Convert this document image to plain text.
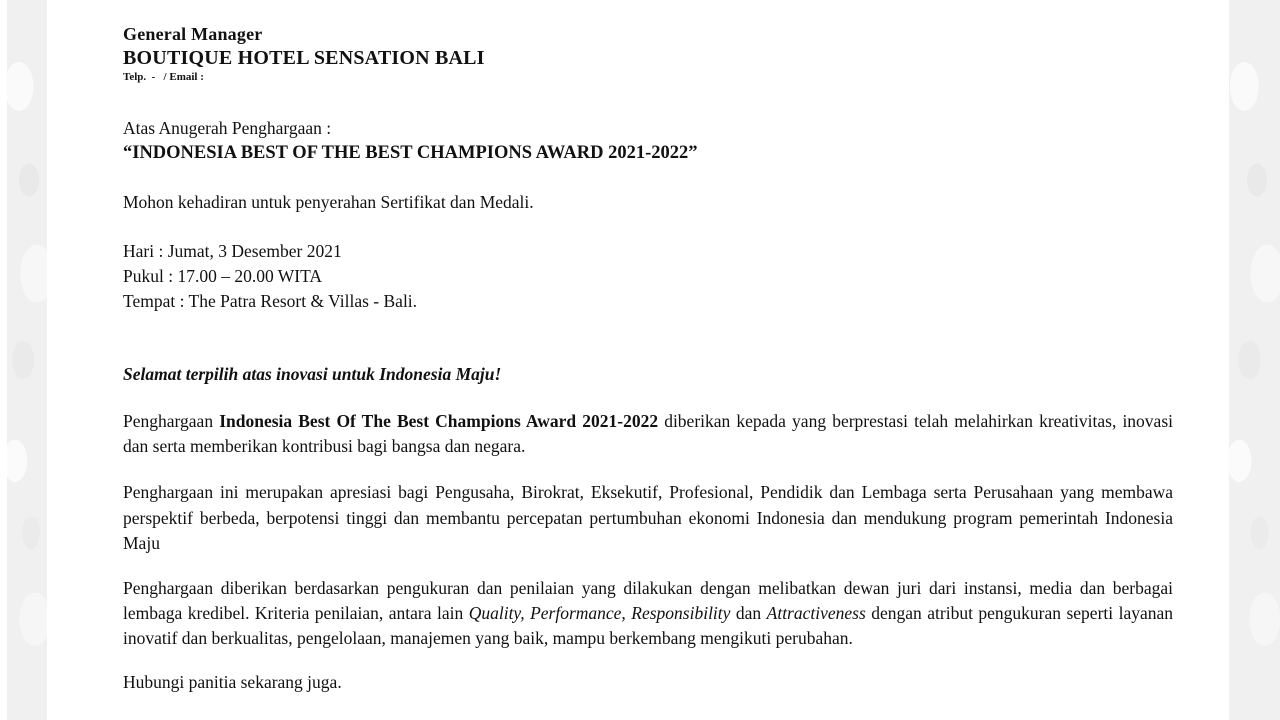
General Manager
BOUTIQUE HOTEL SENSATION BALI
Telp.  -   / Email :
Atas Anugerah Penghargaan :
“INDONESIA BEST OF THE BEST CHAMPIONS AWARD 2021-2022”
Mohon kehadiran untuk penyerahan Sertifikat dan Medali.
Hari : Jumat, 3 Desember 2021
Pukul : 17.00 – 20.00 WITA
Tempat : The Patra Resort & Villas - Bali.
Selamat terpilih atas inovasi untuk Indonesia Maju!

Penghargaan Indonesia Best Of The Best Champions Award 2021-2022 diberikan kepada yang berprestasi telah melahirkan kreativitas, inovasi dan serta memberikan kontribusi bagi bangsa dan negara.

Penghargaan ini merupakan apresiasi bagi Pengusaha, Birokrat, Eksekutif, Profesional, Pendidik dan Lembaga serta Perusahaan yang membawa perspektif berbeda, berpotensi tinggi dan membantu percepatan pertumbuhan ekonomi Indonesia dan mendukung program pemerintah Indonesia Maju

Penghargaan diberikan berdasarkan pengukuran dan penilaian yang dilakukan dengan melibatkan dewan juri dari instansi, media dan berbagai lembaga kredibel. Kriteria penilaian, antara lain Quality, Performance, Responsibility dan Attractiveness dengan atribut pengukuran seperti layanan inovatif dan berkualitas, pengelolaan, manajemen yang baik, mampu berkembang mengikuti perubahan.

Hubungi panitia sekarang juga.
